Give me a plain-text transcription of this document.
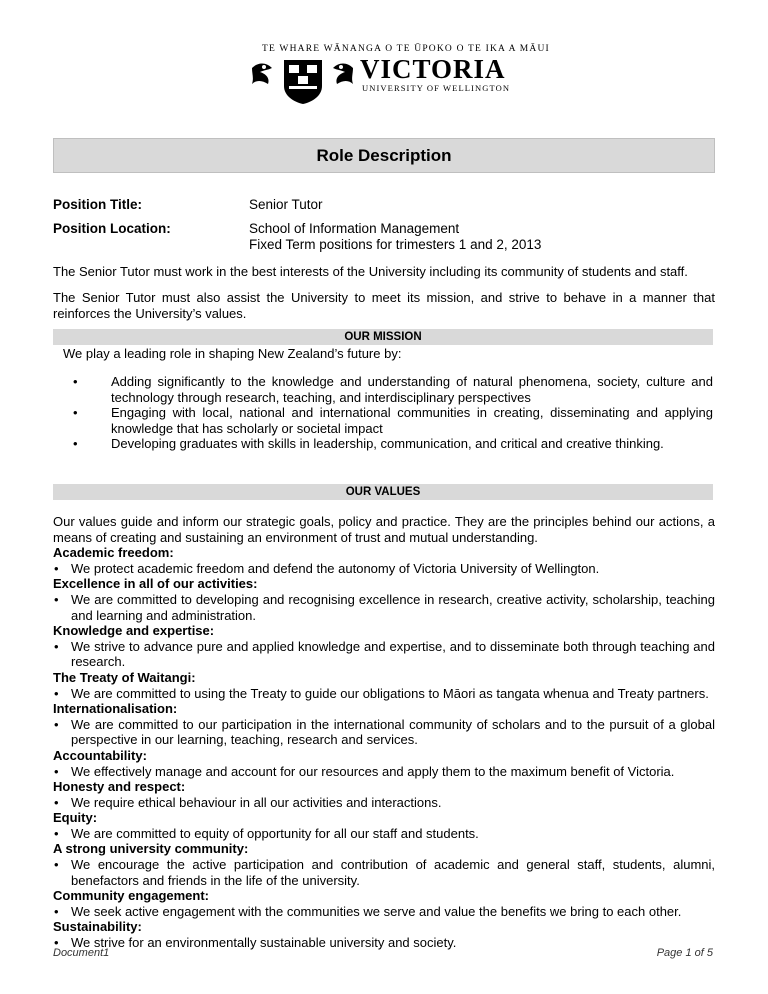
TE WHARE WĀNANGA O TE ŪPOKO O TE IKA A MĀUI
VICTORIA
UNIVERSITY OF WELLINGTON
Role Description
Position Title:	Senior Tutor
Position Location:	School of Information Management
Fixed Term positions for trimesters 1 and 2, 2013
The Senior Tutor must work in the best interests of the University including its community of students and staff.
The Senior Tutor must also assist the University to meet its mission, and strive to behave in a manner that reinforces the University’s values.
OUR MISSION
We play a leading role in shaping New Zealand’s future by:
• Adding significantly to the knowledge and understanding of natural phenomena, society, culture and technology through research, teaching, and interdisciplinary perspectives
• Engaging with local, national and international communities in creating, disseminating and applying knowledge that has scholarly or societal impact
• Developing graduates with skills in leadership, communication, and critical and creative thinking.
OUR VALUES

Our values guide and inform our strategic goals, policy and practice. They are the principles behind our actions, a means of creating and sustaining an environment of trust and mutual understanding.

Academic freedom:

• We protect academic freedom and defend the autonomy of Victoria University of Wellington.

Excellence in all of our activities:

• We are committed to developing and recognising excellence in research, creative activity, scholarship, teaching and learning and administration.

Knowledge and expertise:

• We strive to advance pure and applied knowledge and expertise, and to disseminate both through teaching and research.

The Treaty of Waitangi:

• We are committed to using the Treaty to guide our obligations to Māori as tangata whenua and Treaty partners.

Internationalisation:

• We are committed to our participation in the international community of scholars and to the pursuit of a global perspective in our learning, teaching, research and services.

Accountability:

• We effectively manage and account for our resources and apply them to the maximum benefit of Victoria.

Honesty and respect:

• We require ethical behaviour in all our activities and interactions.

Equity:

• We are committed to equity of opportunity for all our staff and students.

A strong university community:

• We encourage the active participation and contribution of academic and general staff, students, alumni, benefactors and friends in the life of the university.

Community engagement:

• We seek active engagement with the communities we serve and value the benefits we bring to each other.

Sustainability:

• We strive for an environmentally sustainable university and society.

Document1	Page 1 of 5
